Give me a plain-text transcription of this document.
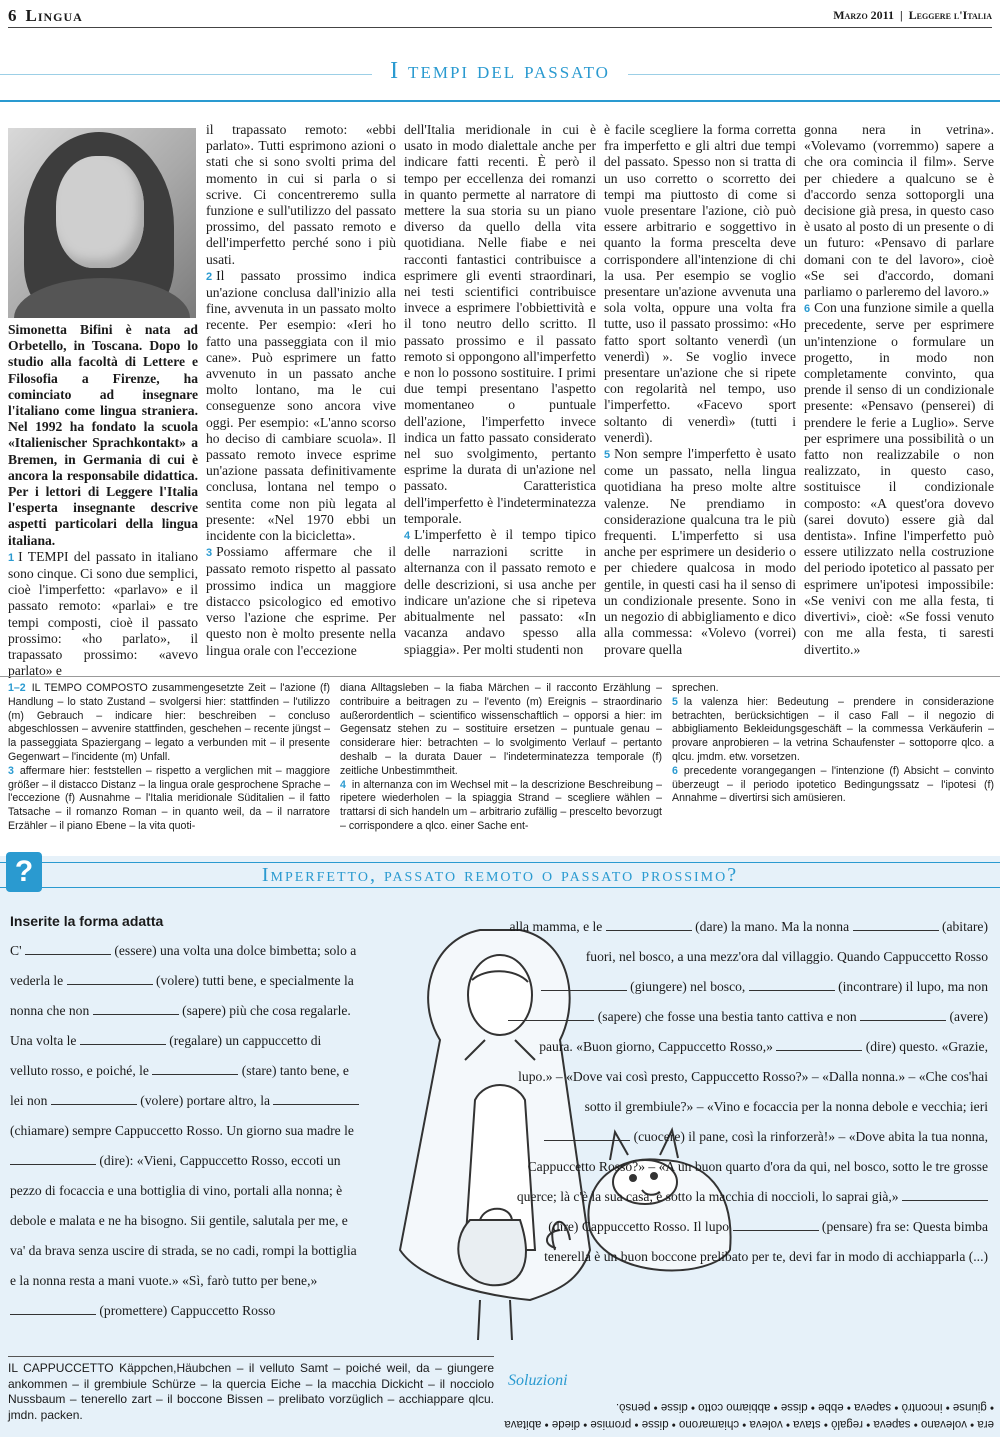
6 Lingua	Marzo 2011 | Leggere l'Italia
I tempi del passato

Simonetta Bifini è nata ad Orbetello, in Toscana. Dopo lo studio alla facoltà di Lettere e Filosofia a Firenze, ha cominciato ad insegnare l'italiano come lingua straniera. Nel 1992 ha fondato la scuola «Italienischer Sprachkontakt» a Bremen, in Germania di cui è ancora la responsabile didattica. Per i lettori di Leggere l'Italia l'esperta insegnante descrive aspetti particolari della lingua italiana.

1 I TEMPI del passato in italiano sono cinque. Ci sono due semplici, cioè l'imperfetto: «parlavo» e il passato remoto: «parlai» e tre tempi composti, cioè il passato prossimo: «ho parlato», il trapassato prossimo: «avevo parlato» e

il trapassato remoto: «ebbi parlato». Tutti esprimono azioni o stati che si sono svolti prima del momento in cui si parla o si scrive. Ci concentreremo sulla funzione e sull'utilizzo del passato prossimo, del passato remoto e dell'imperfetto perché sono i più usati.

2 Il passato prossimo indica un'azione conclusa dall'inizio alla fine, avvenuta in un passato molto recente. Per esempio: «Ieri ho fatto una passeggiata con il mio cane». Può esprimere un fatto avvenuto in un passato anche molto lontano, ma le cui conseguenze sono ancora vive oggi. Per esempio: «L'anno scorso ho deciso di cambiare scuola». Il passato remoto invece esprime un'azione passata definitivamente conclusa, lontana nel tempo o sentita come non più legata al presente: «Nel 1970 ebbi un incidente con la bicicletta».

3 Possiamo affermare che il passato remoto rispetto al passato prossimo indica un maggiore distacco psicologico ed emotivo verso l'azione che esprime. Per questo non è molto presente nella lingua orale con l'eccezione

dell'Italia meridionale in cui è usato in modo dialettale anche per indicare fatti recenti. È però il tempo per eccellenza dei romanzi in quanto permette al narratore di mettere la sua storia su un piano diverso da quello della vita quotidiana. Nelle fiabe e nei racconti fantastici contribuisce a esprimere gli eventi straordinari, nei testi scientifici contribuisce invece a esprimere l'obbiettività e il tono neutro dello scritto. Il passato prossimo e il passato remoto si oppongono all'imperfetto e non lo possono sostituire. I primi due tempi presentano l'aspetto momentaneo o puntuale dell'azione, l'imperfetto invece indica un fatto passato considerato nel suo svolgimento, pertanto esprime la durata di un'azione nel passato. Caratteristica dell'imperfetto è l'indeterminatezza temporale.

4 L'imperfetto è il tempo tipico delle narrazioni scritte in alternanza con il passato remoto e delle descrizioni, si usa anche per indicare un'azione che si ripeteva abitualmente nel passato: «In vacanza andavo spesso alla spiaggia». Per molti studenti non

è facile scegliere la forma corretta fra imperfetto e gli altri due tempi del passato. Spesso non si tratta di un uso corretto o scorretto dei tempi ma piuttosto di come si vuole presentare l'azione, ciò può essere arbitrario e soggettivo in quanto la forma prescelta deve corrispondere all'intenzione di chi la usa. Per esempio se voglio presentare un'azione avvenuta una sola volta, oppure una volta fra tutte, uso il passato prossimo: «Ho fatto sport soltanto venerdì (un venerdì) ». Se voglio invece presentare un'azione che si ripete con regolarità nel tempo, uso l'imperfetto. «Facevo sport soltanto di venerdì» (tutti i venerdì).

5 Non sempre l'imperfetto è usato come un passato, nella lingua quotidiana ha preso molte altre valenze. Ne prendiamo in considerazione qualcuna tra le più frequenti. L'imperfetto si usa anche per esprimere un desiderio o per chiedere qualcosa in modo gentile, in questi casi ha il senso di un condizionale presente. Sono in un negozio di abbigliamento e dico alla commessa: «Volevo (vorrei) provare quella

gonna nera in vetrina». «Volevamo (vorremmo) sapere a che ora comincia il film». Serve per chiedere a qualcuno se è d'accordo senza sottoporgli una decisione già presa, in questo caso è usato al posto di un presente o di un futuro: «Pensavo di parlare domani con te del lavoro», cioè «Se sei d'accordo, domani parliamo o parleremo del lavoro.»

6 Con una funzione simile a quella precedente, serve per esprimere un'intenzione o formulare un progetto, in modo non completamente convinto, qua prende il senso di un condizionale presente: «Pensavo (penserei) di prendere le ferie a Luglio». Serve per esprimere una possibilità o un fatto non realizzabile o non realizzato, in questo caso, sostituisce il condizionale composto: «A quest'ora dovevo (sarei dovuto) essere già dal dentista». Infine l'imperfetto può essere utilizzato nella costruzione del periodo ipotetico al passato per esprimere un'ipotesi impossibile: «Se venivi con me alla festa, ti divertivi», cioè: «Se fossi venuto con me alla festa, ti saresti divertito.»

1–2 IL TEMPO COMPOSTO zusammengesetzte Zeit – l'azione (f) Handlung – lo stato Zustand – svolgersi hier: stattfinden – l'utilizzo (m) Gebrauch – indicare hier: beschreiben – concluso abgeschlossen – avvenire stattfinden, geschehen – recente jüngst – la passeggiata Spaziergang – legato a verbunden mit – il presente Gegenwart – l'incidente (m) Unfall.

3 affermare hier: feststellen – rispetto a verglichen mit – maggiore größer – il distacco Distanz – la lingua orale gesprochene Sprache – l'eccezione (f) Ausnahme – l'Italia meridionale Süditalien – il fatto Tatsache – il romanzo Roman – in quanto weil, da – il narratore Erzähler – il piano Ebene – la vita quoti-

diana Alltagsleben – la fiaba Märchen – il racconto Erzählung – contribuire a beitragen zu – l'evento (m) Ereignis – straordinario außerordentlich – scientifico wissenschaftlich – opporsi a hier: im Gegensatz stehen zu – sostituire ersetzen – puntuale genau – considerare hier: betrachten – lo svolgimento Verlauf – pertanto deshalb – la durata Dauer – l'indeterminatezza temporale (f) zeitliche Unbestimmtheit.

4 in alternanza con im Wechsel mit – la descrizione Beschreibung – ripetere wiederholen – la spiaggia Strand – scegliere wählen – trattarsi di sich handeln um – arbitrario zufällig – prescelto bevorzugt – corrispondere a qlco. einer Sache ent-

sprechen.

5 la valenza hier: Bedeutung – prendere in considerazione betrachten, berücksichtigen – il caso Fall – il negozio di abbigliamento Bekleidungsgeschäft – la commessa Verkäuferin – provare anprobieren – la vetrina Schaufenster – sottoporre qlco. a qlcu. jmdm. etw. vorsetzen.

6 precedente vorangegangen – l'intenzione (f) Absicht – convinto überzeugt – il periodo ipotetico Bedingungssatz – l'ipotesi (f) Annahme – divertirsi sich amüsieren.

Imperfetto, passato remoto o passato prossimo?
?
Inserite la forma adatta
C'	(essere) una volta una dolce bimbetta; solo a vederla le	(volere) tutti bene, e specialmente la nonna che non	(sapere) più che cosa regalarle. Una volta le	(regalare) un cappuccetto di velluto rosso, e poiché, le	(stare) tanto bene, e lei non	(volere) portare altro, la  (chiamare) sempre Cappuccetto Rosso. Un giorno sua madre le  (dire): «Vieni, Cappuccetto Rosso, eccoti un pezzo di focaccia e una bottiglia di vino, portali alla nonna; è debole e malata e ne ha bisogno. Sii gentile, salutala per me, e va' da brava senza uscire di strada, se no cadi, rompi la bottiglia e la nonna resta a mani vuote.» «Sì, farò tutto per bene,»  (promettere) Cappuccetto Rosso
alla mamma, e le	(dare) la mano. Ma la nonna	(abitare) fuori, nel bosco, a una mezz'ora dal villaggio. Quando Cappuccetto Rosso  (giungere) nel bosco,	(incontrare) il lupo, ma non  (sapere) che fosse una bestia tanto cattiva e non	(avere) paura. «Buon giorno, Cappuccetto Rosso,»	(dire) questo. «Grazie, lupo.» – «Dove vai così presto, Cappuccetto Rosso?» – «Dalla nonna.» – «Che cos'hai sotto il grembiule?» – «Vino e focaccia per la nonna debole e vecchia; ieri  (cuocere) il pane, così la rinforzerà!» – «Dove abita la tua nonna, Cappuccetto Rosso?» – «A un buon quarto d'ora da qui, nel bosco, sotto le tre grosse querce; là c'è la sua casa, è sotto la macchia di noccioli, lo saprai già,»  (dire) Cappuccetto Rosso. Il lupo	(pensare) fra se: Questa bimba tenerella è un buon boccone prelibato per te, devi far in modo di acchiapparla (...)
IL CAPPUCCETTO Käppchen,Häubchen – il velluto Samt – poiché weil, da – giungere ankommen – il grembiule Schürze – la quercia Eiche – la macchia Dickicht – il nocciolo Nussbaum – tenerello zart – il boccone Bissen – prelibato vorzüglich – acchiappare qlcu. jmdn. packen.
Soluzioni
era • volevano • sapeva • regalò • stava • voleva • chiamarono • disse • promise • diede • abitava • giunse • incontrò • sapeva • ebbe • disse • abbiamo cotto • disse • pensò.
